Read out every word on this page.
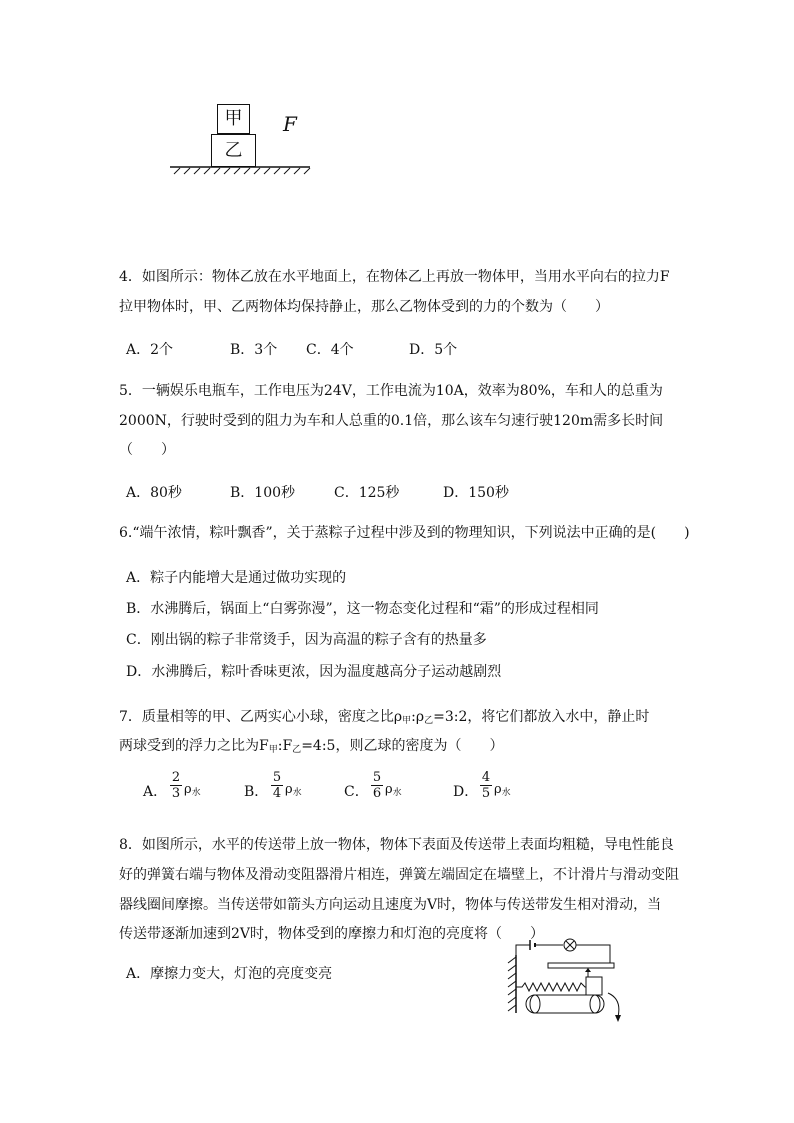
甲
乙
F
4．如图所示：物体乙放在水平地面上，在物体乙上再放一物体甲，当用水平向右的拉力F
拉甲物体时，甲、乙两物体均保持静止，那么乙物体受到的力的个数为（　　）
A．2个	B．3个 C．4个	D．5个
5．一辆娱乐电瓶车，工作电压为24V，工作电流为10A，效率为80%，车和人的总重为
2000N，行驶时受到的阻力为车和人总重的0.1倍，那么该车匀速行驶120m需多长时间
（　　）
A．80秒	B．100秒	C．125秒	D．150秒
6.“端午浓情，粽叶飘香”，关于蒸粽子过程中涉及到的物理知识，下列说法中正确的是(　　)
A．粽子内能增大是通过做功实现的
B．水沸腾后，锅面上“白雾弥漫”，这一物态变化过程和“霜”的形成过程相同
C．刚出锅的粽子非常烫手，因为高温的粽子含有的热量多
D．水沸腾后，粽叶香味更浓，因为温度越高分子运动越剧烈
7．质量相等的甲、乙两实心小球，密度之比$\rho_甲:\rho_乙=3:2$，将它们都放入水中，静止时
两球受到的浮力之比为$F_甲:F_乙=4:5$，则乙球的密度为（　　）
A．
2
3 $\rho_水$	B．
5
4 $\rho_水$	C．
5
6 $\rho_水$	D．
4
5 $\rho_水$
8．如图所示，水平的传送带上放一物体，物体下表面及传送带上表面均粗糙，导电性能良
好的弹簧右端与物体及滑动变阻器滑片相连，弹簧左端固定在墙壁上，不计滑片与滑动变阻
器线圈间摩擦。当传送带如箭头方向运动且速度为V时，物体与传送带发生相对滑动，当
传送带逐渐加速到2V时，物体受到的摩擦力和灯泡的亮度将（　　）
A．摩擦力变大，灯泡的亮度变亮
